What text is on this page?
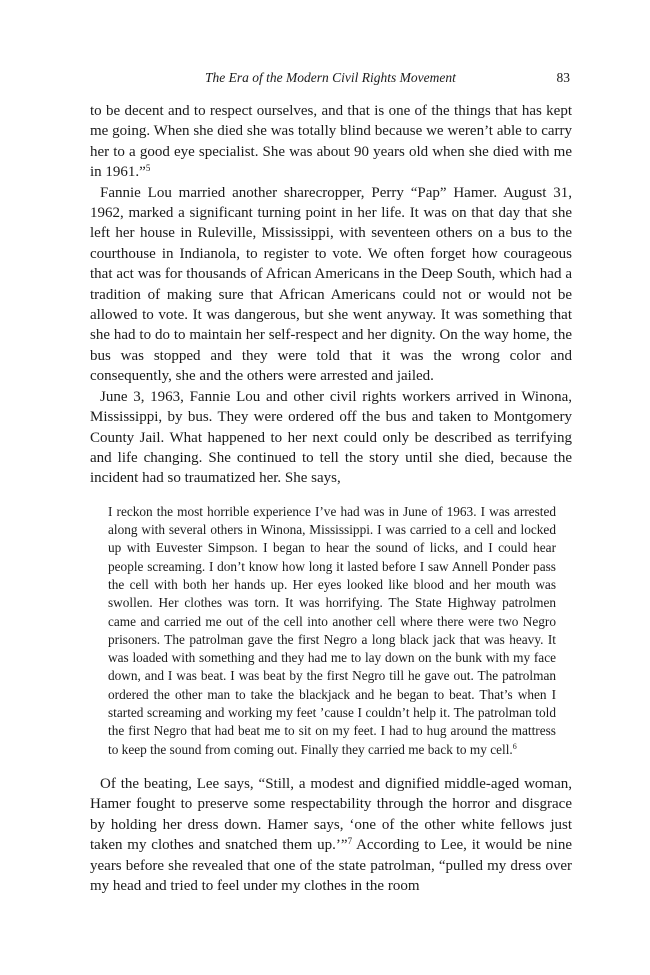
The Era of the Modern Civil Rights Movement	83

to be decent and to respect ourselves, and that is one of the things that has kept me going. When she died she was totally blind because we weren’t able to carry her to a good eye specialist. She was about 90 years old when she died with me in 1961.”$^5$

Fannie Lou married another sharecropper, Perry “Pap” Hamer. August 31, 1962, marked a significant turning point in her life. It was on that day that she left her house in Ruleville, Mississippi, with seventeen others on a bus to the courthouse in Indianola, to register to vote. We often forget how courageous that act was for thousands of African Americans in the Deep South, which had a tradition of making sure that African Americans could not or would not be allowed to vote. It was dangerous, but she went anyway. It was something that she had to do to maintain her self-respect and her dignity. On the way home, the bus was stopped and they were told that it was the wrong color and consequently, she and the others were arrested and jailed.

June 3, 1963, Fannie Lou and other civil rights workers arrived in Winona, Mississippi, by bus. They were ordered off the bus and taken to Montgomery County Jail. What happened to her next could only be described as terrifying and life changing. She continued to tell the story until she died, because the incident had so traumatized her. She says,

I reckon the most horrible experience I’ve had was in June of 1963. I was arrested along with several others in Winona, Mississippi. I was carried to a cell and locked up with Euvester Simpson. I began to hear the sound of licks, and I could hear people screaming. I don’t know how long it lasted before I saw Annell Ponder pass the cell with both her hands up. Her eyes looked like blood and her mouth was swollen. Her clothes was torn. It was horrifying. The State Highway patrolmen came and carried me out of the cell into another cell where there were two Negro prisoners. The patrolman gave the first Negro a long black jack that was heavy. It was loaded with something and they had me to lay down on the bunk with my face down, and I was beat. I was beat by the first Negro till he gave out. The patrolman ordered the other man to take the blackjack and he began to beat. That’s when I started screaming and working my feet ’cause I couldn’t help it. The patrolman told the first Negro that had beat me to sit on my feet. I had to hug around the mattress to keep the sound from coming out. Finally they carried me back to my cell.$^6$

Of the beating, Lee says, “Still, a modest and dignified middle-aged woman, Hamer fought to preserve some respectability through the horror and disgrace by holding her dress down. Hamer says, ‘one of the other white fellows just taken my clothes and snatched them up.’”$^7$ According to Lee, it would be nine years before she revealed that one of the state patrolman, “pulled my dress over my head and tried to feel under my clothes in the room
